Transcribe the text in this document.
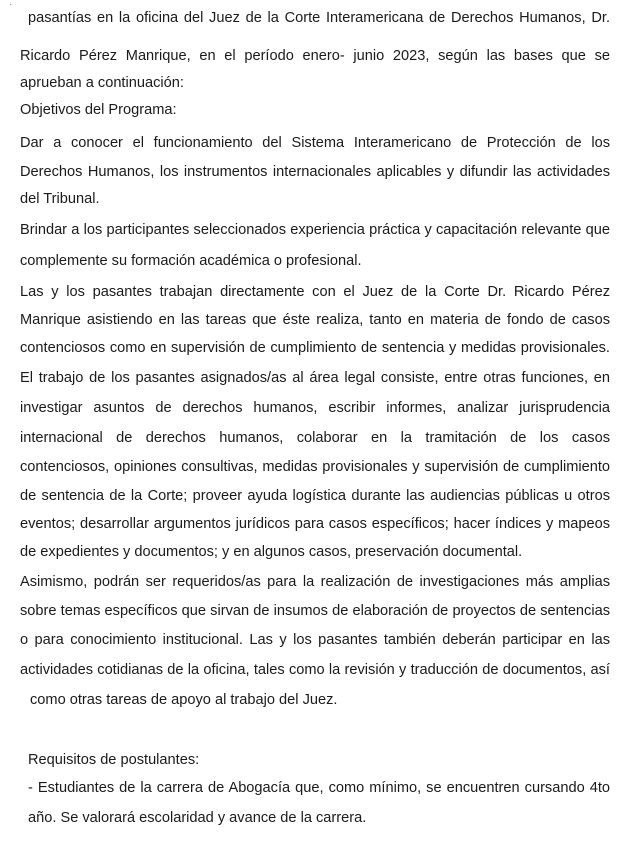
·
pasantías en la oficina del Juez de la Corte Interamericana de Derechos Humanos, Dr.
Ricardo Pérez Manrique, en el período enero- junio 2023, según las bases que se
aprueban a continuación:
Objetivos del Programa:
Dar a conocer el funcionamiento del Sistema Interamericano de Protección de los
Derechos Humanos, los instrumentos internacionales aplicables y difundir las actividades
del Tribunal.
Brindar a los participantes seleccionados experiencia práctica y capacitación relevante que
complemente su formación académica o profesional.
Las y los pasantes trabajan directamente con el Juez de la Corte Dr. Ricardo Pérez
Manrique asistiendo en las tareas que éste realiza, tanto en materia de fondo de casos
contenciosos como en supervisión de cumplimiento de sentencia y medidas provisionales.
El trabajo de los pasantes asignados/as al área legal consiste, entre otras funciones, en
investigar asuntos de derechos humanos, escribir informes, analizar jurisprudencia
internacional de derechos humanos, colaborar en la tramitación de los casos
contenciosos, opiniones consultivas, medidas provisionales y supervisión de cumplimiento
de sentencia de la Corte; proveer ayuda logística durante las audiencias públicas u otros
eventos; desarrollar argumentos jurídicos para casos específicos; hacer índices y mapeos
de expedientes y documentos; y en algunos casos, preservación documental.
Asimismo, podrán ser requeridos/as para la realización de investigaciones más amplias
sobre temas específicos que sirvan de insumos de elaboración de proyectos de sentencias
o para conocimiento institucional. Las y los pasantes también deberán participar en las
actividades cotidianas de la oficina, tales como la revisión y traducción de documentos, así
como otras tareas de apoyo al trabajo del Juez.
Requisitos de postulantes:
- Estudiantes de la carrera de Abogacía que, como mínimo, se encuentren cursando 4to
año. Se valorará escolaridad y avance de la carrera.
